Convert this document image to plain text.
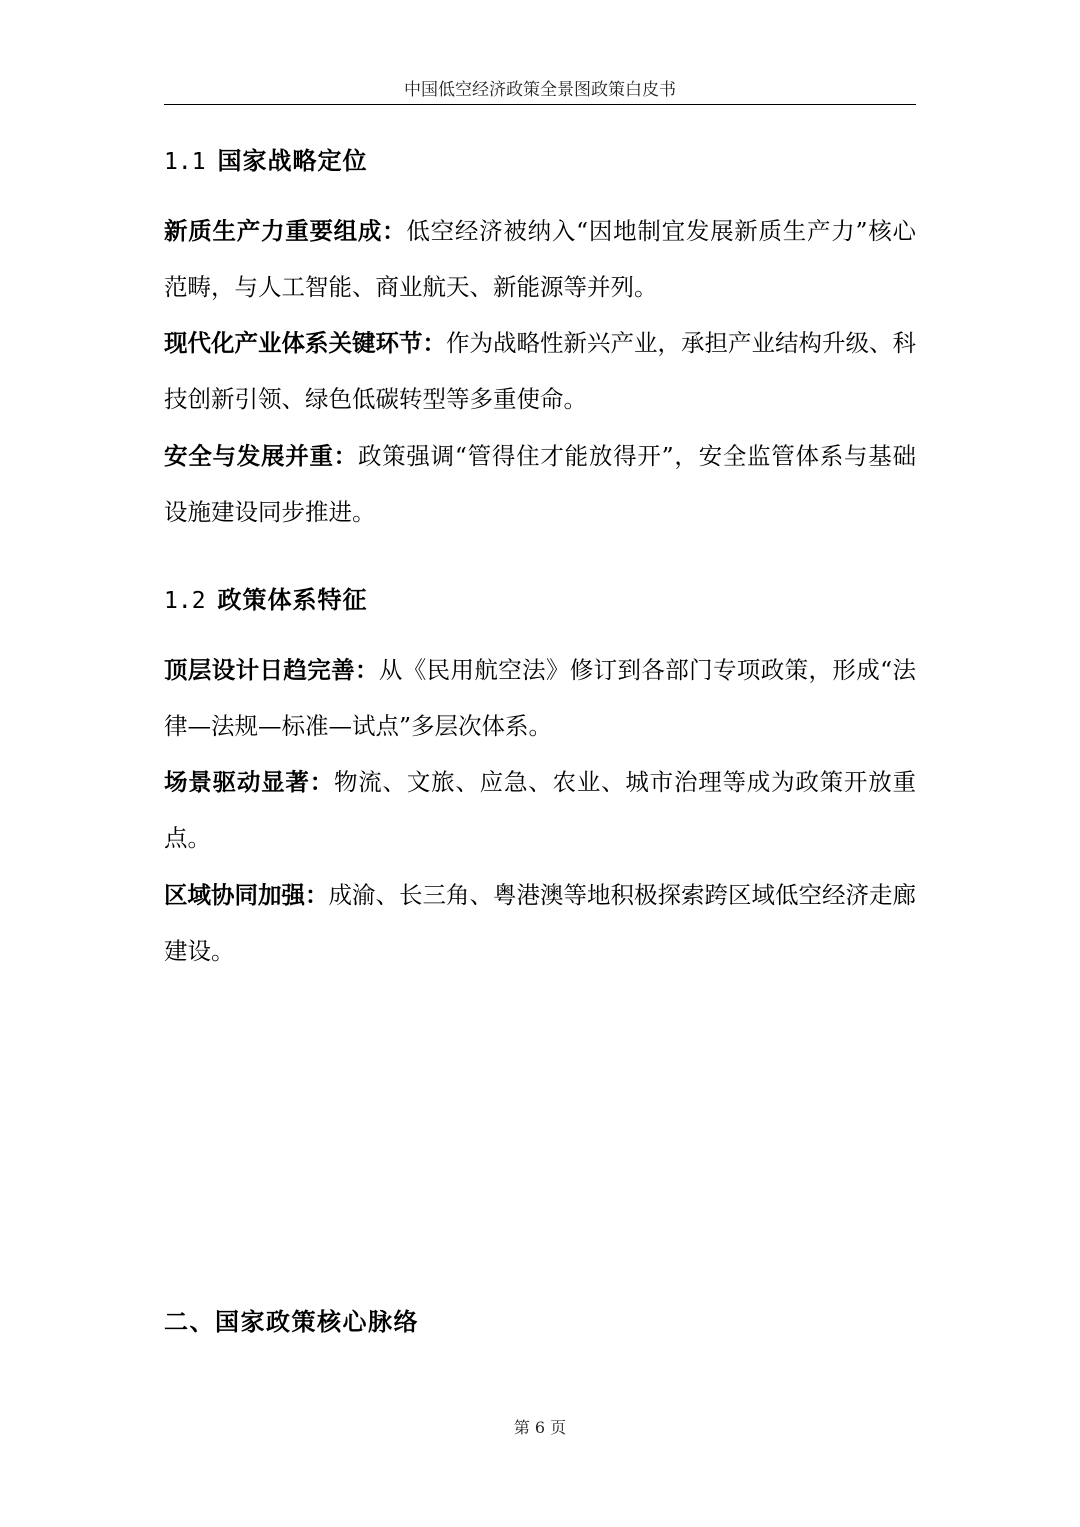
中国低空经济政策全景图政策白皮书
1.1 国家战略定位
新质生产力重要组成：低空经济被纳入“因地制宜发展新质生产力”核心范畴，与人工智能、商业航天、新能源等并列。
现代化产业体系关键环节：作为战略性新兴产业，承担产业结构升级、科技创新引领、绿色低碳转型等多重使命。
安全与发展并重：政策强调“管得住才能放得开”，安全监管体系与基础设施建设同步推进。
1.2 政策体系特征
顶层设计日趋完善：从《民用航空法》修订到各部门专项政策，形成“法律—法规—标准—试点”多层次体系。
场景驱动显著：物流、文旅、应急、农业、城市治理等成为政策开放重点。
区域协同加强：成渝、长三角、粤港澳等地积极探索跨区域低空经济走廊建设。
二、国家政策核心脉络
第 6 页
